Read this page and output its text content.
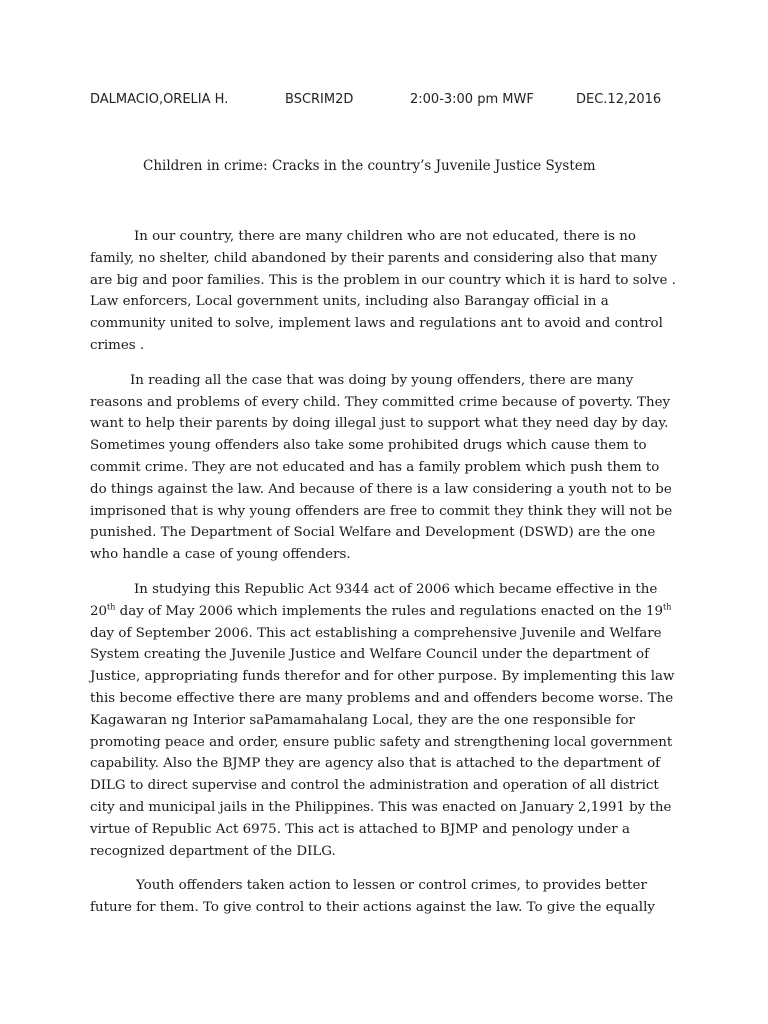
DALMACIO,ORELIA H.	BSCRIM2D	2:00-3:00 pm MWF	DEC.12,2016
Children in crime: Cracks in the country’s Juvenile Justice System

In our country, there are many children who are not educated, there is no
family, no shelter, child abandoned by their parents and considering also that many
are big and poor families. This is the problem in our country which it is hard to solve .
Law enforcers, Local government units, including also Barangay official in a
community united to solve, implement laws and regulations ant to avoid and control
crimes .

In reading all the case that was doing by young offenders, there are many
reasons and problems of every child. They committed crime because of poverty. They
want to help their parents by doing illegal just to support what they need day by day.
Sometimes young offenders also take some prohibited drugs which cause them to
commit crime. They are not educated and has a family problem which push them to
do things against the law. And because of there is a law considering a youth not to be
imprisoned that is why young offenders are free to commit they think they will not be
punished. The Department of Social Welfare and Development (DSWD) are the one
who handle a case of young offenders.

In studying this Republic Act 9344 act of 2006 which became effective in the
20th day of May 2006 which implements the rules and regulations enacted on the 19th
day of September 2006. This act establishing a comprehensive Juvenile and Welfare
System creating the Juvenile Justice and Welfare Council under the department of
Justice, appropriating funds therefor and for other purpose. By implementing this law
this become effective there are many problems and and offenders become worse. The
Kagawaran ng Interior saPamamahalang Local, they are the one responsible for
promoting peace and order, ensure public safety and strengthening local government
capability. Also the BJMP they are agency also that is attached to the department of
DILG to direct supervise and control the administration and operation of all district
city and municipal jails in the Philippines. This was enacted on January 2,1991 by the
virtue of Republic Act 6975. This act is attached to BJMP and penology under a
recognized department of the DILG.

Youth offenders taken action to lessen or control crimes, to provides better
future for them. To give control to their actions against the law. To give the equally
